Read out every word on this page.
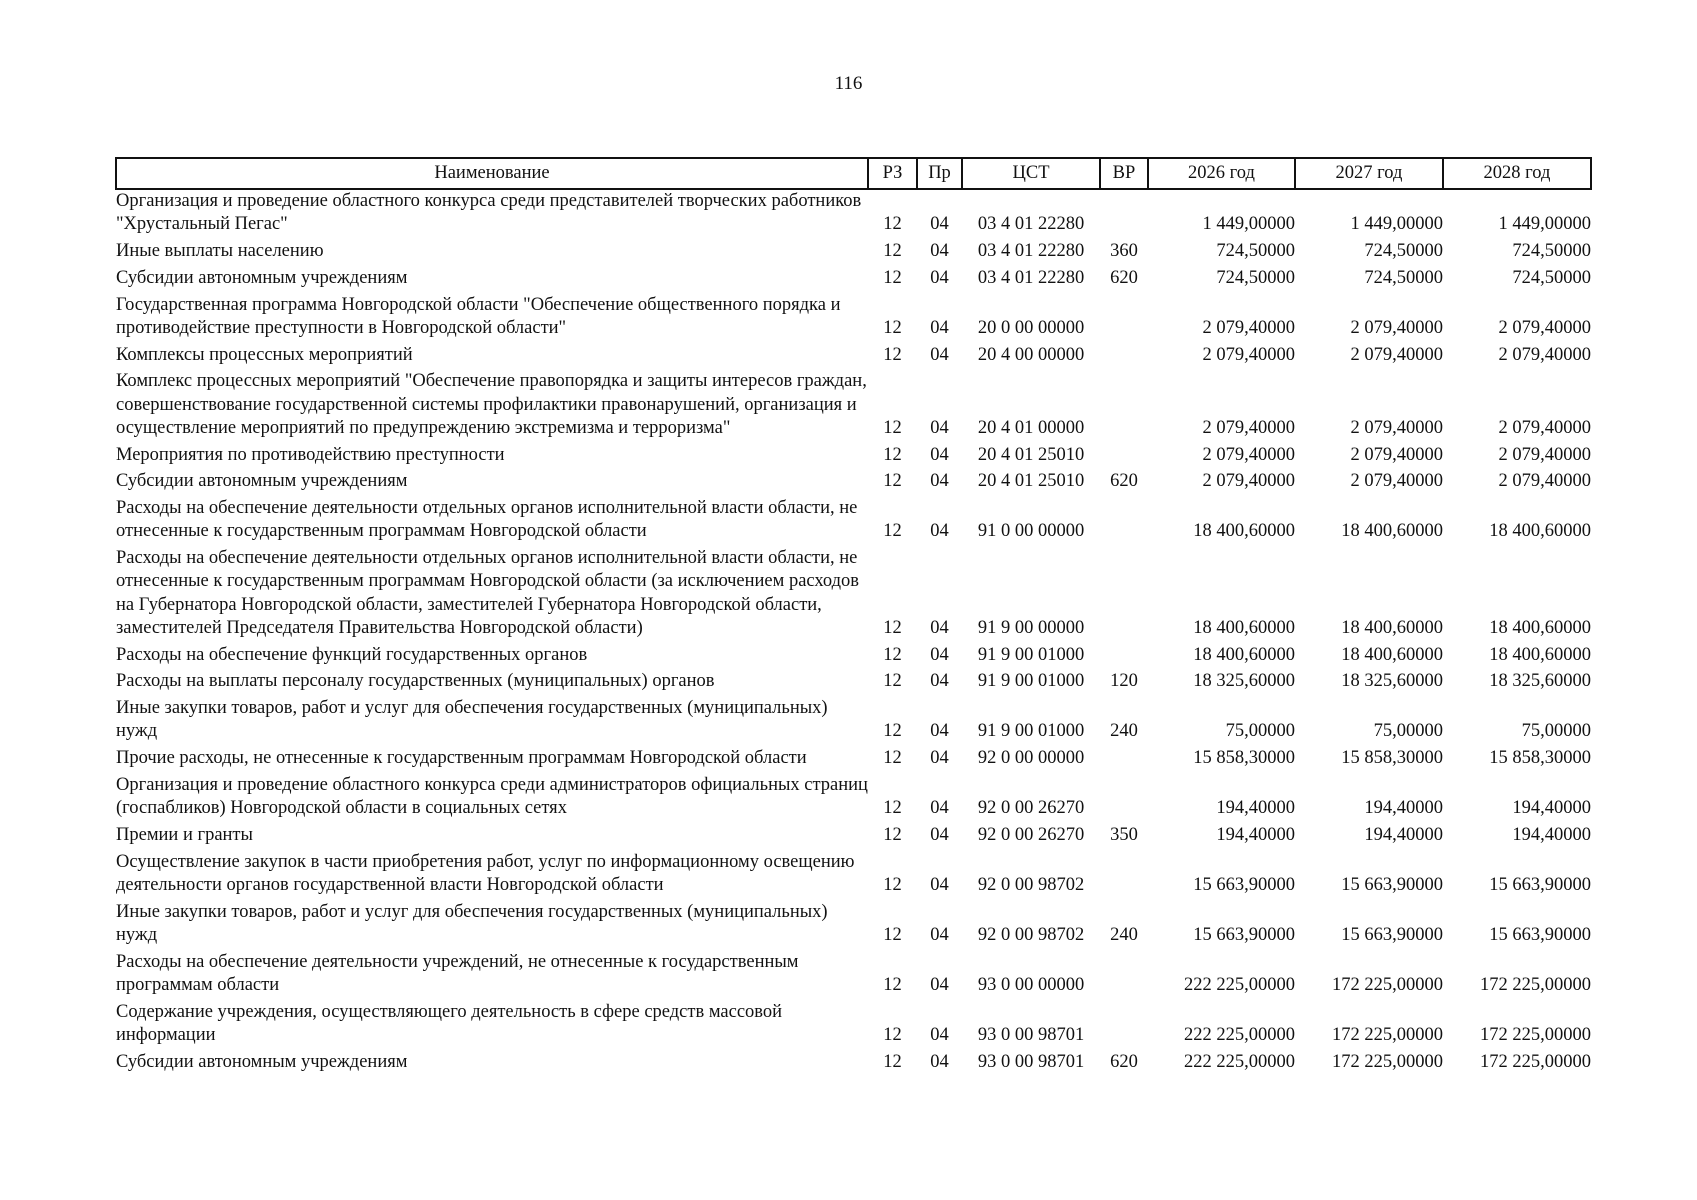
116
Наименование	РЗ	Пр	ЦСТ	ВР	2026 год	2027 год	2028 год
Организация и проведение областного конкурса среди представителей творческих работников "Хрустальный Пегас"	12	04	03 4 01 22280		1 449,00000	1 449,00000	1 449,00000
Иные выплаты населению	12	04	03 4 01 22280	360	724,50000	724,50000	724,50000
Субсидии автономным учреждениям	12	04	03 4 01 22280	620	724,50000	724,50000	724,50000
Государственная программа Новгородской области "Обеспечение общественного порядка и противодействие преступности в Новгородской области"	12	04	20 0 00 00000		2 079,40000	2 079,40000	2 079,40000
Комплексы процессных мероприятий	12	04	20 4 00 00000		2 079,40000	2 079,40000	2 079,40000
Комплекс процессных мероприятий "Обеспечение правопорядка и защиты интересов граждан, совершенствование государственной системы профилактики правонарушений, организация и осуществление мероприятий по предупреждению экстремизма и терроризма"	12	04	20 4 01 00000		2 079,40000	2 079,40000	2 079,40000
Мероприятия по противодействию преступности	12	04	20 4 01 25010		2 079,40000	2 079,40000	2 079,40000
Субсидии автономным учреждениям	12	04	20 4 01 25010	620	2 079,40000	2 079,40000	2 079,40000
Расходы на обеспечение деятельности отдельных органов исполнительной власти области, не отнесенные к государственным программам Новгородской области	12	04	91 0 00 00000		18 400,60000	18 400,60000	18 400,60000
Расходы на обеспечение деятельности отдельных органов исполнительной власти области, не отнесенные к государственным программам Новгородской области (за исключением расходов на Губернатора Новгородской области, заместителей Губернатора Новгородской области, заместителей Председателя Правительства Новгородской области)	12	04	91 9 00 00000		18 400,60000	18 400,60000	18 400,60000
Расходы на обеспечение функций государственных органов	12	04	91 9 00 01000		18 400,60000	18 400,60000	18 400,60000
Расходы на выплаты персоналу государственных (муниципальных) органов	12	04	91 9 00 01000	120	18 325,60000	18 325,60000	18 325,60000
Иные закупки товаров, работ и услуг для обеспечения государственных (муниципальных) нужд	12	04	91 9 00 01000	240	75,00000	75,00000	75,00000
Прочие расходы, не отнесенные к государственным программам Новгородской области	12	04	92 0 00 00000		15 858,30000	15 858,30000	15 858,30000
Организация и проведение областного конкурса среди администраторов официальных страниц (госпабликов) Новгородской области в социальных сетях	12	04	92 0 00 26270		194,40000	194,40000	194,40000
Премии и гранты	12	04	92 0 00 26270	350	194,40000	194,40000	194,40000
Осуществление закупок в части приобретения работ, услуг по информационному освещению деятельности органов государственной власти Новгородской области	12	04	92 0 00 98702		15 663,90000	15 663,90000	15 663,90000
Иные закупки товаров, работ и услуг для обеспечения государственных (муниципальных) нужд	12	04	92 0 00 98702	240	15 663,90000	15 663,90000	15 663,90000
Расходы на обеспечение деятельности учреждений, не отнесенные к государственным программам области	12	04	93 0 00 00000		222 225,00000	172 225,00000	172 225,00000
Содержание учреждения, осуществляющего деятельность в сфере средств массовой информации	12	04	93 0 00 98701		222 225,00000	172 225,00000	172 225,00000
Субсидии автономным учреждениям	12	04	93 0 00 98701	620	222 225,00000	172 225,00000	172 225,00000
